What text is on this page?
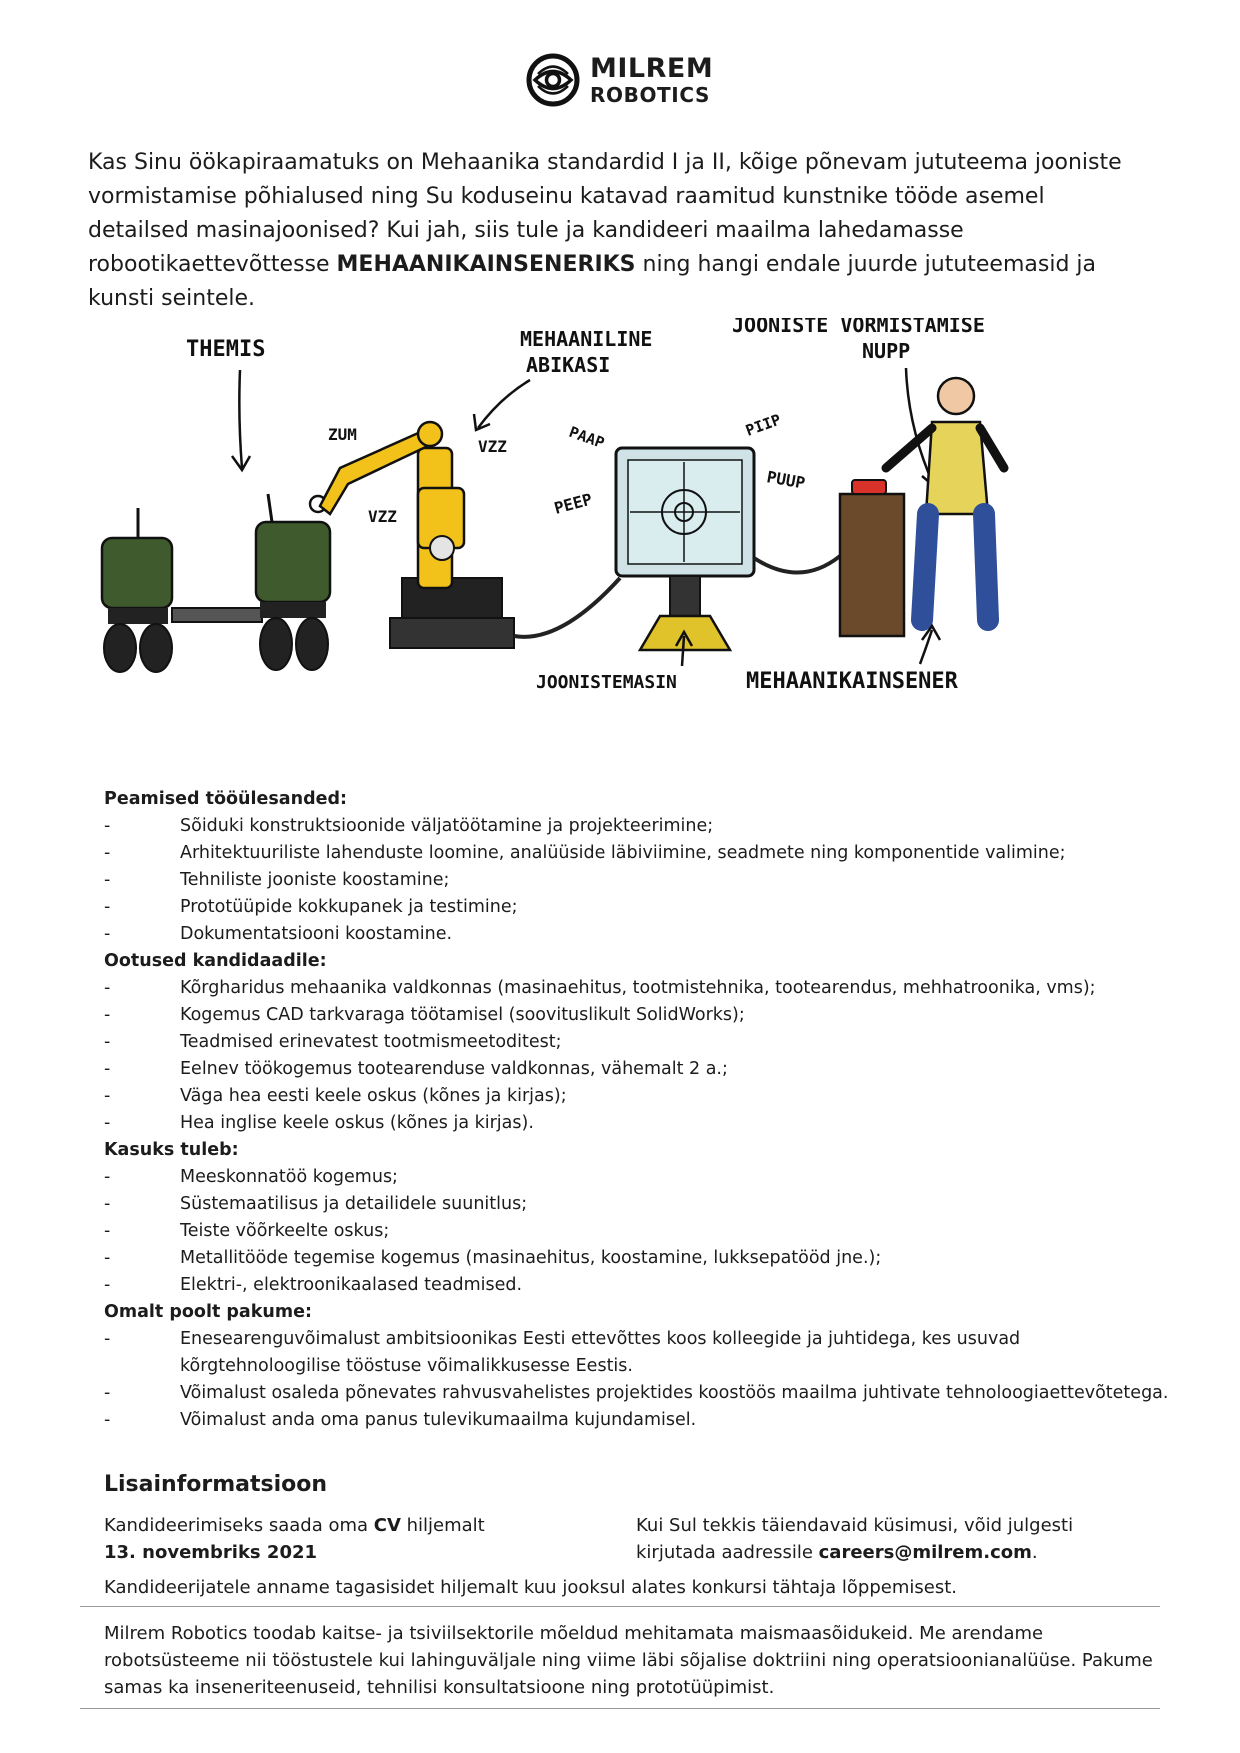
MILREM
ROBOTICS
Kas Sinu öökapiraamatuks on Mehaanika standardid I ja II, kõige põnevam jututeema jooniste vormistamise põhialused ning Su koduseinu katavad raamitud kunstnike tööde asemel detailsed masinajoonised? Kui jah, siis tule ja kandideeri maailma lahedamasse robootikaettevõttesse MEHAANIKAINSENERIKS ning hangi endale juurde jututeemasid ja kunsti seintele.
THEMIS	MEHAANILINE
ABIKASI
JOONISTE VORMISTAMISE
NUPP
ZUM
VZZ
VZZ
PAAP	PIIP
PEEP
PUUP
JOONISTEMASIN	MEHAANIKAINSENER
Peamised tööülesanded:
-	Sõiduki konstruktsioonide väljatöötamine ja projekteerimine;
-	Arhitektuuriliste lahenduste loomine, analüüside läbiviimine, seadmete ning komponentide valimine;
-	Tehniliste jooniste koostamine;
-	Prototüüpide kokkupanek ja testimine;
-	Dokumentatsiooni koostamine.
Ootused kandidaadile:
-	Kõrgharidus mehaanika valdkonnas (masinaehitus, tootmistehnika, tootearendus, mehhatroonika, vms);
-	Kogemus CAD tarkvaraga töötamisel (soovituslikult SolidWorks);
-	Teadmised erinevatest tootmismeetoditest;
-	Eelnev töökogemus tootearenduse valdkonnas, vähemalt 2 a.;
-	Väga hea eesti keele oskus (kõnes ja kirjas);
-	Hea inglise keele oskus (kõnes ja kirjas).
Kasuks tuleb:
-	Meeskonnatöö kogemus;
-	Süstemaatilisus ja detailidele suunitlus;
-	Teiste võõrkeelte oskus;
-	Metallitööde tegemise kogemus (masinaehitus, koostamine, lukksepatööd jne.);
-	Elektri-, elektroonikaalased teadmised.
Omalt poolt pakume:
-	Enesearenguvõimalust ambitsioonikas Eesti ettevõttes koos kolleegide ja juhtidega, kes usuvad kõrgtehnoloogilise tööstuse võimalikkusesse Eestis.
-	Võimalust osaleda põnevates rahvusvahelistes projektides koostöös maailma juhtivate tehnoloogiaettevõtetega.
-	Võimalust anda oma panus tulevikumaailma kujundamisel.
Lisainformatsioon
Kandideerimiseks saada oma CV hiljemalt
13. novembriks 2021
Kui Sul tekkis täiendavaid küsimusi, võid julgesti kirjutada aadressile careers@milrem.com.
Kandideerijatele anname tagasisidet hiljemalt kuu jooksul alates konkursi tähtaja lõppemisest.
Milrem Robotics toodab kaitse- ja tsiviilsektorile mõeldud mehitamata maismaasõidukeid. Me arendame robotsüsteeme nii tööstustele kui lahinguväljale ning viime läbi sõjalise doktriini ning operatsioonianalüüse. Pakume samas ka inseneriteenuseid, tehnilisi konsultatsioone ning prototüüpimist.
